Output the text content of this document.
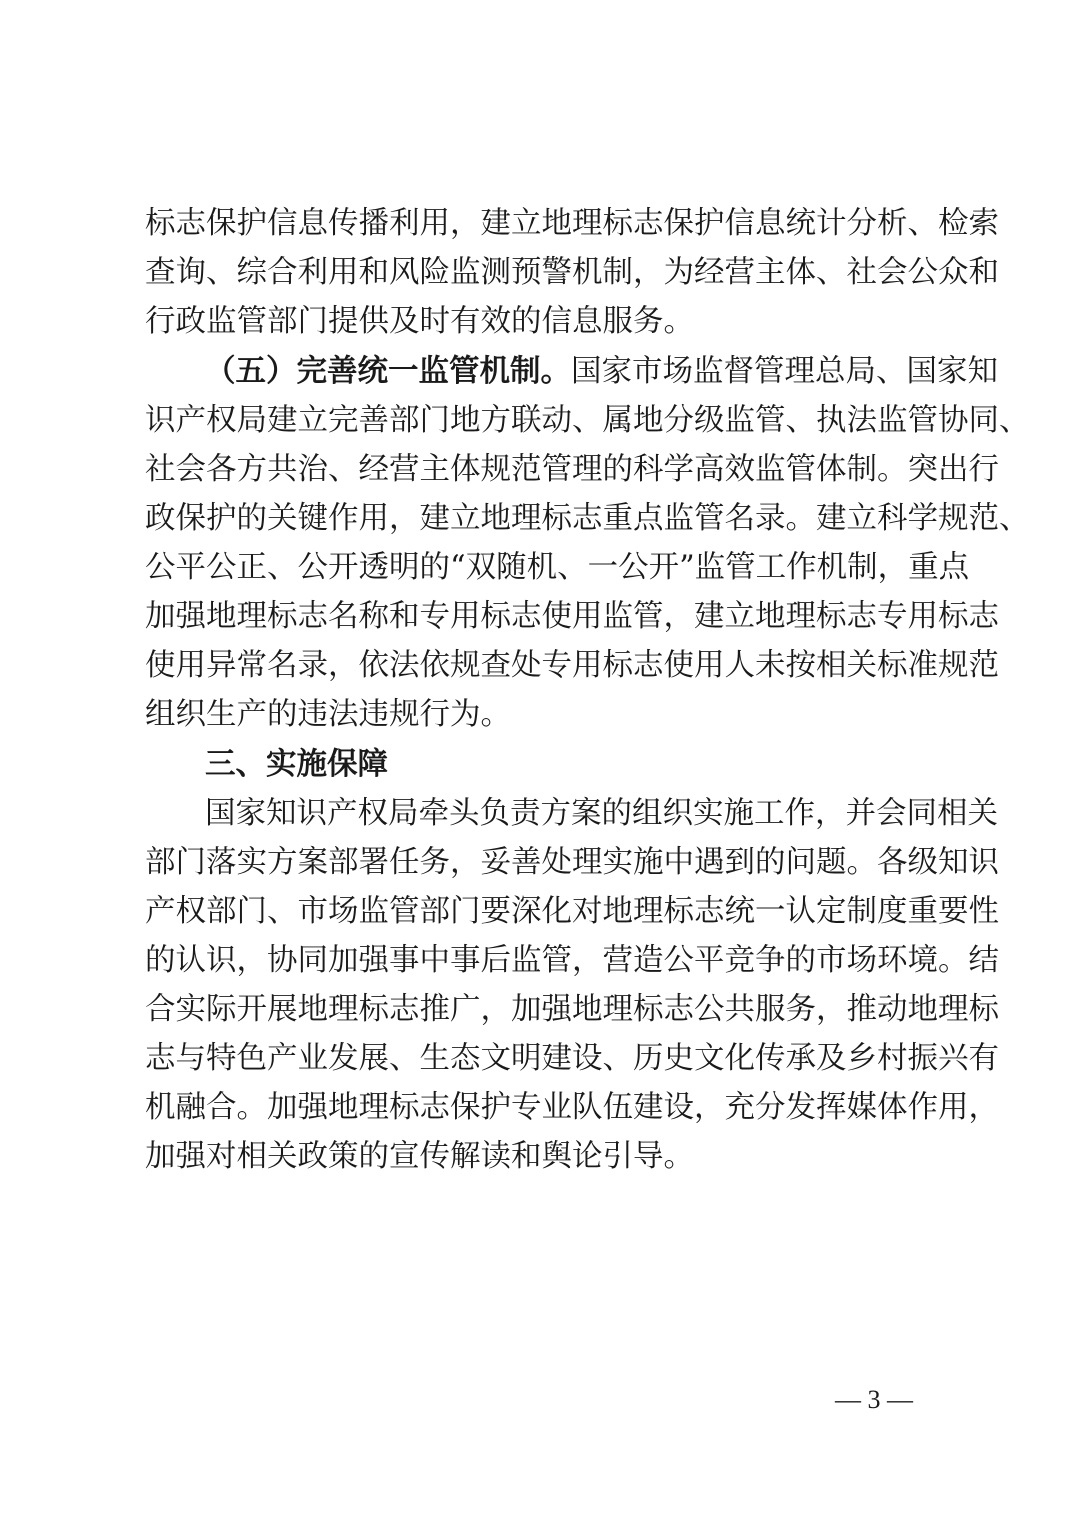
标志保护信息传播利用，建立地理标志保护信息统计分析、检索
查询、综合利用和风险监测预警机制，为经营主体、社会公众和
行政监管部门提供及时有效的信息服务。
（五）完善统一监管机制。国家市场监督管理总局、国家知
识产权局建立完善部门地方联动、属地分级监管、执法监管协同、
社会各方共治、经营主体规范管理的科学高效监管体制。突出行
政保护的关键作用，建立地理标志重点监管名录。建立科学规范、
公平公正、公开透明的“双随机、一公开”监管工作机制，重点
加强地理标志名称和专用标志使用监管，建立地理标志专用标志
使用异常名录，依法依规查处专用标志使用人未按相关标准规范
组织生产的违法违规行为。
三、实施保障
国家知识产权局牵头负责方案的组织实施工作，并会同相关
部门落实方案部署任务，妥善处理实施中遇到的问题。各级知识
产权部门、市场监管部门要深化对地理标志统一认定制度重要性
的认识，协同加强事中事后监管，营造公平竞争的市场环境。结
合实际开展地理标志推广，加强地理标志公共服务，推动地理标
志与特色产业发展、生态文明建设、历史文化传承及乡村振兴有
机融合。加强地理标志保护专业队伍建设，充分发挥媒体作用，
加强对相关政策的宣传解读和舆论引导。
— 3 —
